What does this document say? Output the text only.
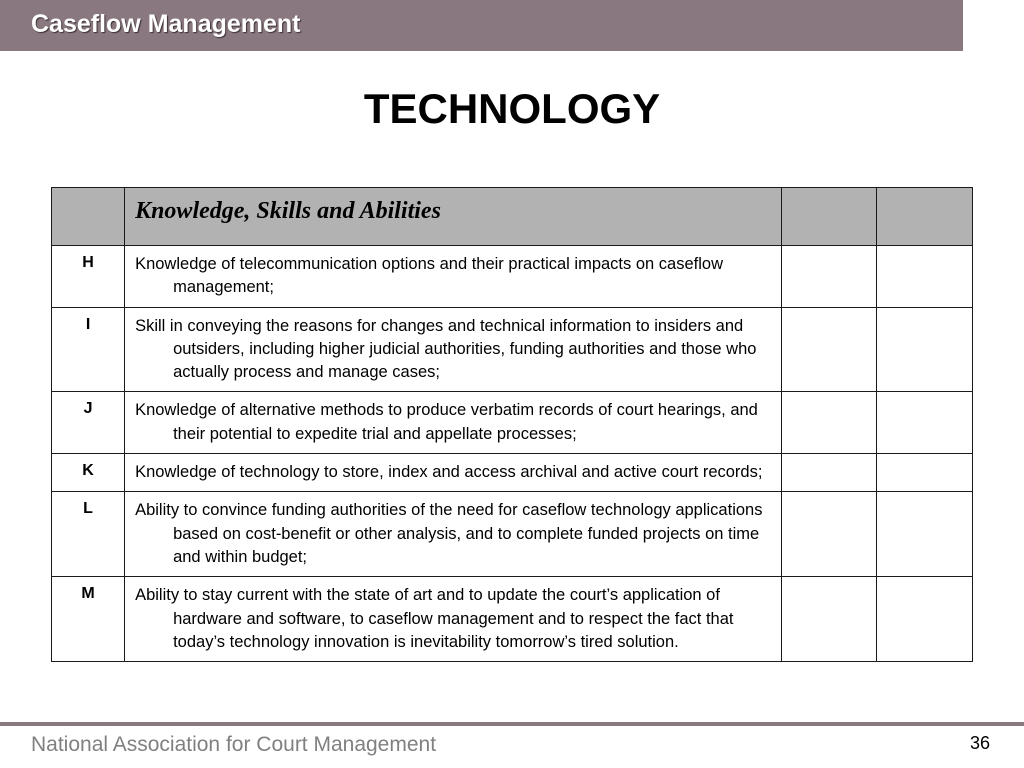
Caseflow Management
TECHNOLOGY

	Knowledge, Skills and Abilities		

H	Knowledge of telecommunication options and their practical impacts on caseflow management;		

I	Skill in conveying the reasons for changes and technical information to insiders and outsiders, including higher judicial authorities, funding authorities and those who actually process and manage cases;		

J	Knowledge of alternative methods to produce verbatim records of court hearings, and their potential to expedite trial and appellate processes;		

K	Knowledge of technology to store, index and access archival and active court records;		

L	Ability to convince funding authorities of the need for caseflow technology applications based on cost-benefit or other analysis, and to complete funded projects on time and within budget;		

M	Ability to stay current with the state of art and to update the court’s application of hardware and software, to caseflow management and to respect the fact that today’s technology innovation is inevitability tomorrow’s tired solution.		

National Association for Court Management	36
